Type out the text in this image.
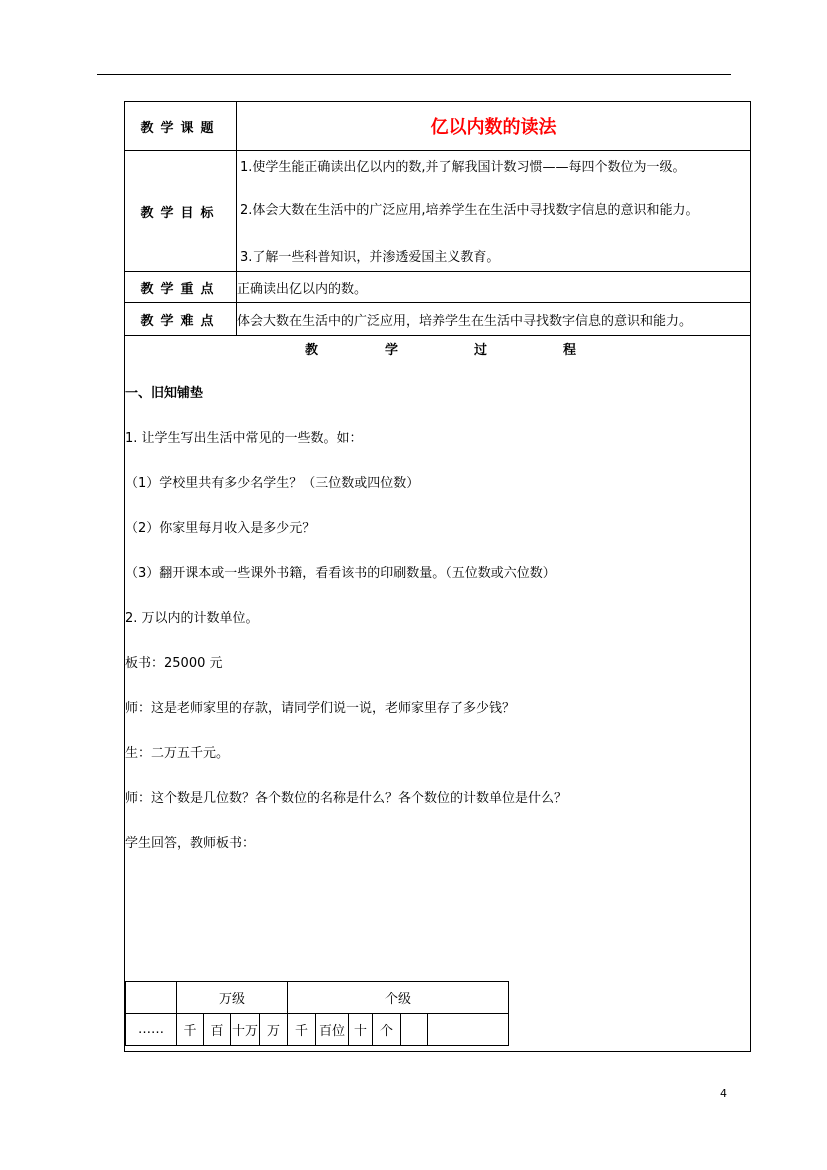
教学课题	亿以内数的读法
教学目标	
1.使学生能正确读出亿以内的数,并了解我国计数习惯——每四个数位为一级。
2.体会大数在生活中的广泛应用,培养学生在生活中寻找数字信息的意识和能力。
3.了解一些科普知识，并渗透爱国主义教育。

教学重点	正确读出亿以内的数。
教学难点	体会大数在生活中的广泛应用，培养学生在生活中寻找数字信息的意识和能力。

教	学	过	程
一、旧知铺垫
1. 让学生写出生活中常见的一些数。如：
（1）学校里共有多少名学生？（三位数或四位数）
（2）你家里每月收入是多少元？
（3）翻开课本或一些课外书籍，看看该书的印刷数量。（五位数或六位数）
2. 万以内的计数单位。
板书：25000 元
师：这是老师家里的存款，请同学们说一说，老师家里存了多少钱？
生：二万五千元。
师：这个数是几位数？各个数位的名称是什么？各个数位的计数单位是什么？
学生回答，教师板书：
	万级	个级
……	千	百	十万	万	千	百位	十	个		
4
